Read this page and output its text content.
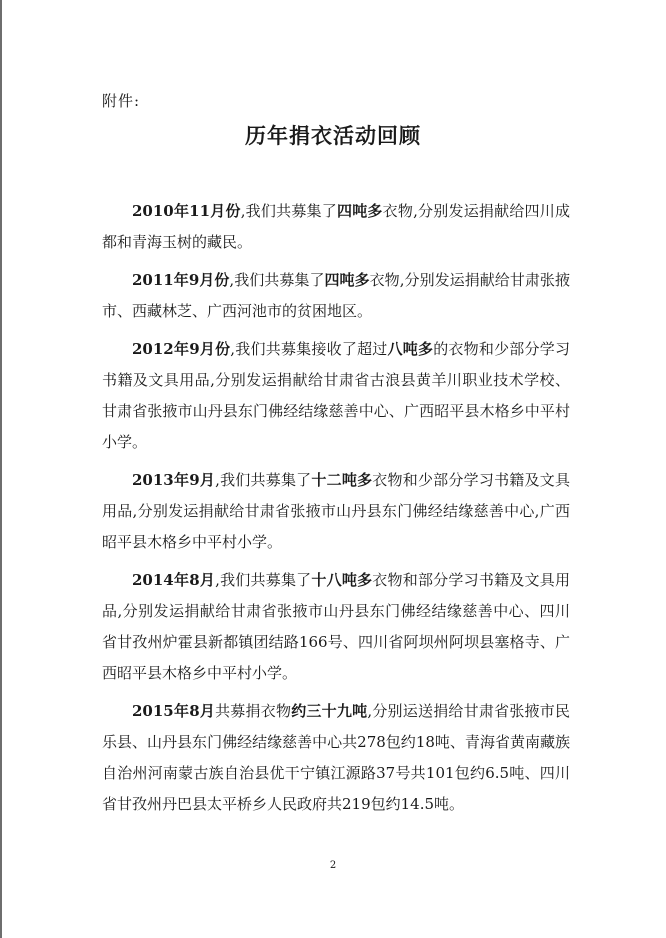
附件:
历年捐衣活动回顾

2010年11月份,我们共募集了四吨多衣物,分别发运捐献给四川成都和青海玉树的藏民。

2011年9月份,我们共募集了四吨多衣物,分别发运捐献给甘肃张掖市、西藏林芝、广西河池市的贫困地区。

2012年9月份,我们共募集接收了超过八吨多的衣物和少部分学习书籍及文具用品,分别发运捐献给甘肃省古浪县黄羊川职业技术学校、甘肃省张掖市山丹县东门佛经结缘慈善中心、广西昭平县木格乡中平村小学。

2013年9月,我们共募集了十二吨多衣物和少部分学习书籍及文具用品,分别发运捐献给甘肃省张掖市山丹县东门佛经结缘慈善中心,广西昭平县木格乡中平村小学。

2014年8月,我们共募集了十八吨多衣物和部分学习书籍及文具用品,分别发运捐献给甘肃省张掖市山丹县东门佛经结缘慈善中心、四川省甘孜州炉霍县新都镇团结路166号、四川省阿坝州阿坝县塞格寺、广西昭平县木格乡中平村小学。

2015年8月共募捐衣物约三十九吨,分别运送捐给甘肃省张掖市民乐县、山丹县东门佛经结缘慈善中心共278包约18吨、青海省黄南藏族自治州河南蒙古族自治县优干宁镇江源路37号共101包约6.5吨、四川省甘孜州丹巴县太平桥乡人民政府共219包约14.5吨。

2
